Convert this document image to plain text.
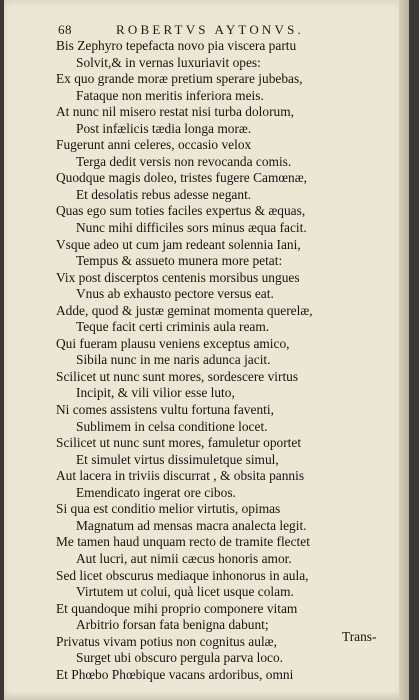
68	ROBERTVS AYTONVS.
Bis Zephyro tepefacta novo pia viscera partu
Solvit,& in vernas luxuriavit opes:
Ex quo grande moræ pretium sperare jubebas,
Fataque non meritis inferiora meis.
At nunc nil misero restat nisi turba dolorum,
Post infælicis tædia longa moræ.
Fugerunt anni celeres, occasio velox
Terga dedit versis non revocanda comis.
Quodque magis doleo, tristes fugere Camœnæ,
Et desolatis rebus adesse negant.
Quas ego sum toties faciles expertus & æquas,
Nunc mihi difficiles sors minus æqua facit.
Vsque adeo ut cum jam redeant solennia Iani,
Tempus & assueto munera more petat:
Vix post discerptos centenis morsibus ungues
Vnus ab exhausto pectore versus eat.
Adde, quod & justæ geminat momenta querelæ,
Teque facit certi criminis aula ream.
Qui fueram plausu veniens exceptus amico,
Sibila nunc in me naris adunca jacit.
Scilicet ut nunc sunt mores, sordescere virtus
Incipit, & vili vilior esse luto,
Ni comes assistens vultu fortuna faventi,
Sublimem in celsa conditione locet.
Scilicet ut nunc sunt mores, famuletur oportet
Et simulet virtus dissimuletque simul,
Aut lacera in triviis discurrat , & obsita pannis
Emendicato ingerat ore cibos.
Si qua est conditio melior virtutis, opimas
Magnatum ad mensas macra analecta legit.
Me tamen haud unquam recto de tramite flectet
Aut lucri, aut nimii cæcus honoris amor.
Sed licet obscurus mediaque inhonorus in aula,
Virtutem ut colui, quà licet usque colam.
Et quandoque mihi proprio componere vitam
Arbitrio forsan fata benigna dabunt;
Privatus vivam potius non cognitus aulæ,
Surget ubi obscuro pergula parva loco.
Et Phœbo Phœbique vacans ardoribus, omni
Trans-
